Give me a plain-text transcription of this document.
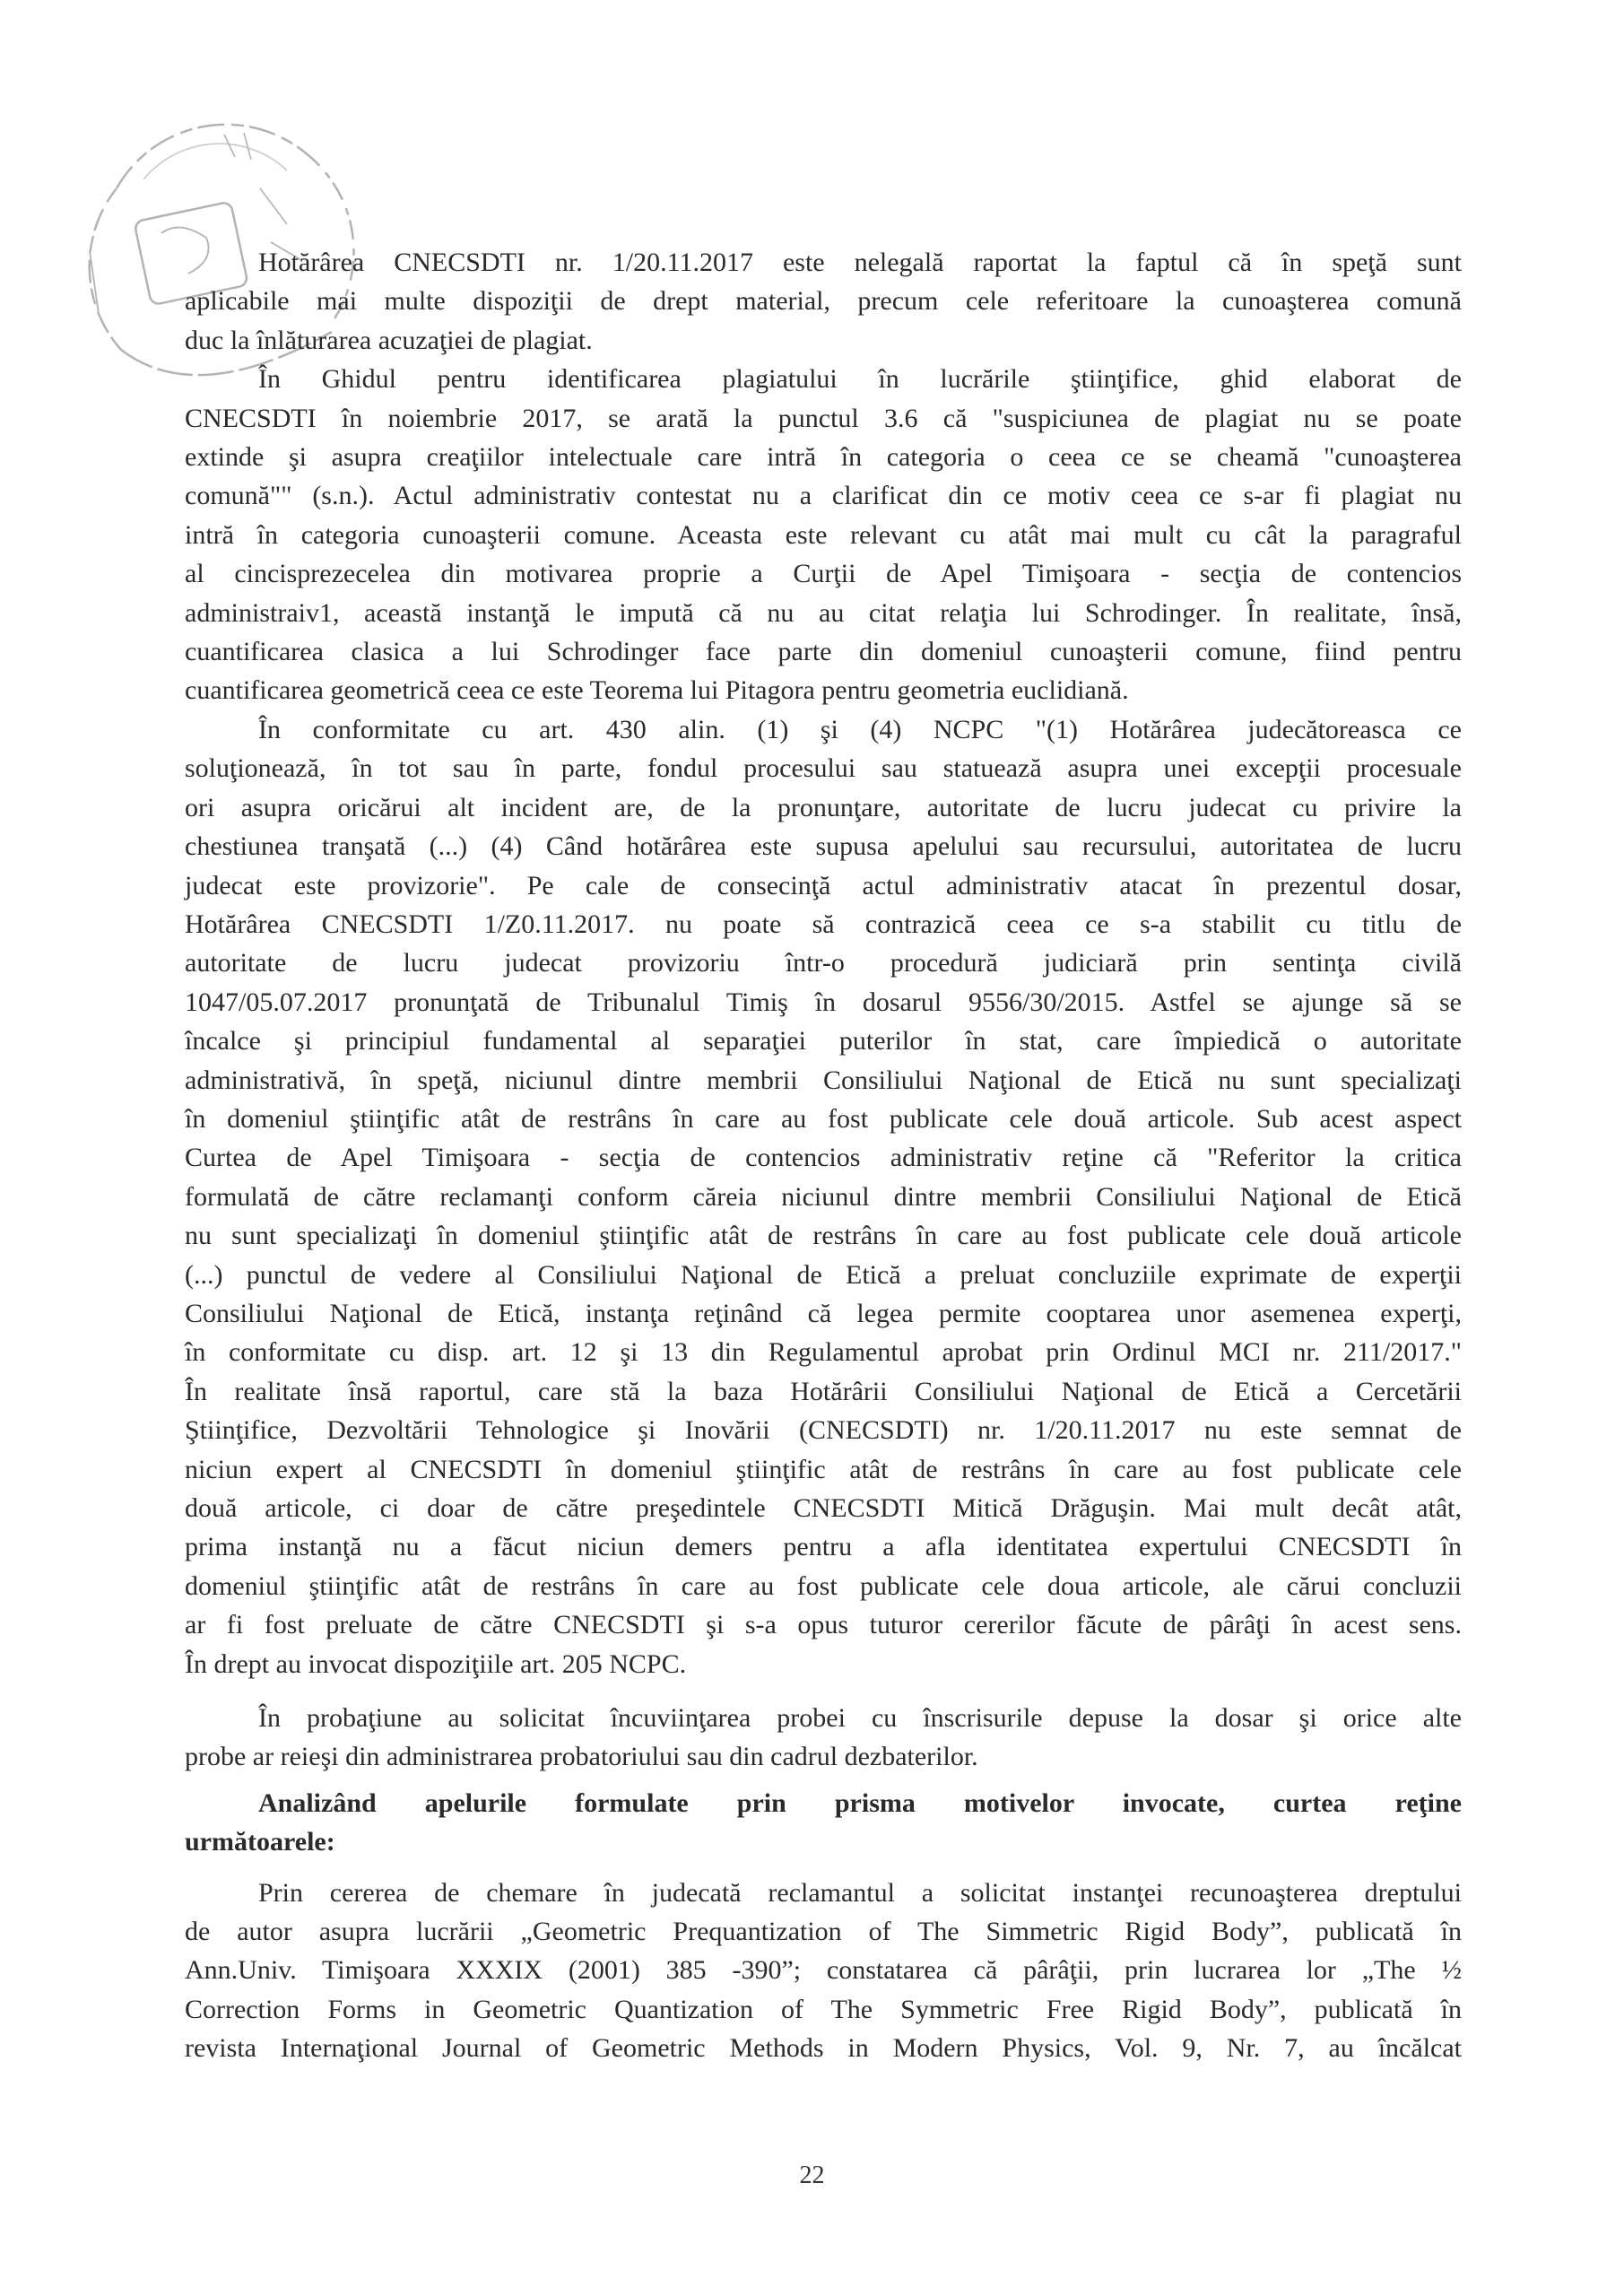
Hotărârea CNECSDTI nr. 1/20.11.2017 este nelegală raportat la faptul că în speţă sunt
aplicabile mai multe dispoziţii de drept material, precum cele referitoare la cunoaşterea comună
duc la înlăturarea acuzaţiei de plagiat.
În Ghidul pentru identificarea plagiatului în lucrările ştiinţifice, ghid elaborat de
CNECSDTI în noiembrie 2017, se arată la punctul 3.6 că "suspiciunea de plagiat nu se poate
extinde şi asupra creaţiilor intelectuale care intră în categoria o ceea ce se cheamă "cunoaşterea
comună"" (s.n.). Actul administrativ contestat nu a clarificat din ce motiv ceea ce s-ar fi plagiat nu
intră în categoria cunoaşterii comune. Aceasta este relevant cu atât mai mult cu cât la paragraful
al cincisprezecelea din motivarea proprie a Curţii de Apel Timişoara - secţia de contencios
administraiv1, această instanţă le impută că nu au citat relaţia lui Schrodinger. În realitate, însă,
cuantificarea clasica a lui Schrodinger face parte din domeniul cunoaşterii comune, fiind pentru
cuantificarea geometrică ceea ce este Teorema lui Pitagora pentru geometria euclidiană.
În conformitate cu art. 430 alin. (1) şi (4) NCPC "(1) Hotărârea judecătoreasca ce
soluţionează, în tot sau în parte, fondul procesului sau statuează asupra unei excepţii procesuale
ori asupra oricărui alt incident are, de la pronunţare, autoritate de lucru judecat cu privire la
chestiunea tranşată (...) (4) Când hotărârea este supusa apelului sau recursului, autoritatea de lucru
judecat este provizorie". Pe cale de consecinţă actul administrativ atacat în prezentul dosar,
Hotărârea CNECSDTI 1/Z0.11.2017. nu poate să contrazică ceea ce s-a stabilit cu titlu de
autoritate de lucru judecat provizoriu într-o procedură judiciară prin sentinţa civilă
1047/05.07.2017 pronunţată de Tribunalul Timiş în dosarul 9556/30/2015. Astfel se ajunge să se
încalce şi principiul fundamental al separaţiei puterilor în stat, care împiedică o autoritate
administrativă, în speţă, niciunul dintre membrii Consiliului Naţional de Etică nu sunt specializaţi
în domeniul ştiinţific atât de restrâns în care au fost publicate cele două articole. Sub acest aspect
Curtea de Apel Timişoara - secţia de contencios administrativ reţine că "Referitor la critica
formulată de către reclamanţi conform căreia niciunul dintre membrii Consiliului Naţional de Etică
nu sunt specializaţi în domeniul ştiinţific atât de restrâns în care au fost publicate cele două articole
(...) punctul de vedere al Consiliului Naţional de Etică a preluat concluziile exprimate de experţii
Consiliului Naţional de Etică, instanţa reţinând că legea permite cooptarea unor asemenea experţi,
în conformitate cu disp. art. 12 şi 13 din Regulamentul aprobat prin Ordinul MCI nr. 211/2017."
În realitate însă raportul, care stă la baza Hotărârii Consiliului Naţional de Etică a Cercetării
Ştiinţifice, Dezvoltării Tehnologice şi Inovării (CNECSDTI) nr. 1/20.11.2017 nu este semnat de
niciun expert al CNECSDTI în domeniul ştiinţific atât de restrâns în care au fost publicate cele
două articole, ci doar de către preşedintele CNECSDTI Mitică Drăguşin. Mai mult decât atât,
prima instanţă nu a făcut niciun demers pentru a afla identitatea expertului CNECSDTI în
domeniul ştiinţific atât de restrâns în care au fost publicate cele doua articole, ale cărui concluzii
ar fi fost preluate de către CNECSDTI şi s-a opus tuturor cererilor făcute de pârâţi în acest sens.
În drept au invocat dispoziţiile art. 205 NCPC.
În probaţiune au solicitat încuviinţarea probei cu înscrisurile depuse la dosar şi orice alte
probe ar reieşi din administrarea probatoriului sau din cadrul dezbaterilor.
Analizând apelurile formulate prin prisma motivelor invocate, curtea reţine
următoarele:
Prin cererea de chemare în judecată reclamantul a solicitat instanţei recunoaşterea dreptului
de autor asupra lucrării „Geometric Prequantization of The Simmetric Rigid Body”, publicată în
Ann.Univ. Timişoara XXXIX (2001) 385 -390”; constatarea că pârâţii, prin lucrarea lor „The ½
Correction Forms in Geometric Quantization of The Symmetric Free Rigid Body”, publicată în
revista Internaţional Journal of Geometric Methods in Modern Physics, Vol. 9, Nr. 7, au încălcat
22
